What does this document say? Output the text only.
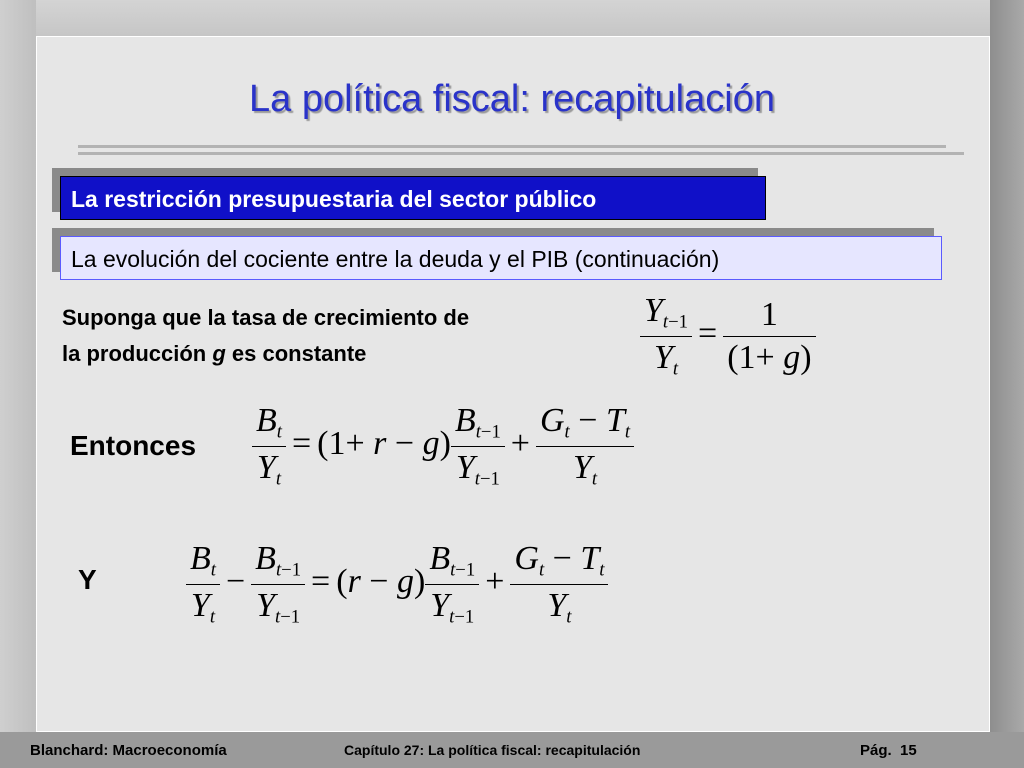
La política fiscal: recapitulación
La restricción presupuestaria del sector público
La evolución del cociente entre la deuda y el PIB (continuación)
Suponga que la tasa de crecimiento de
la producción g es constante	$\frac{Y_{t-1}}{Y_t} = \frac{1}{(1+ g)}$
Entonces $\frac{B_t}{Y_t} = (1+ r - g) \frac{B_{t-1}}{Y_{t-1}} + \frac{G_t - T_t}{Y_t}$
Y	$\frac{B_t}{Y_t} - \frac{B_{t-1}}{Y_{t-1}} = (r - g) \frac{B_{t-1}}{Y_{t-1}} + \frac{G_t - T_t}{Y_t}$
Blanchard: Macroeconomía	Capítulo 27: La política fiscal: recapitulación	Pág. 15
